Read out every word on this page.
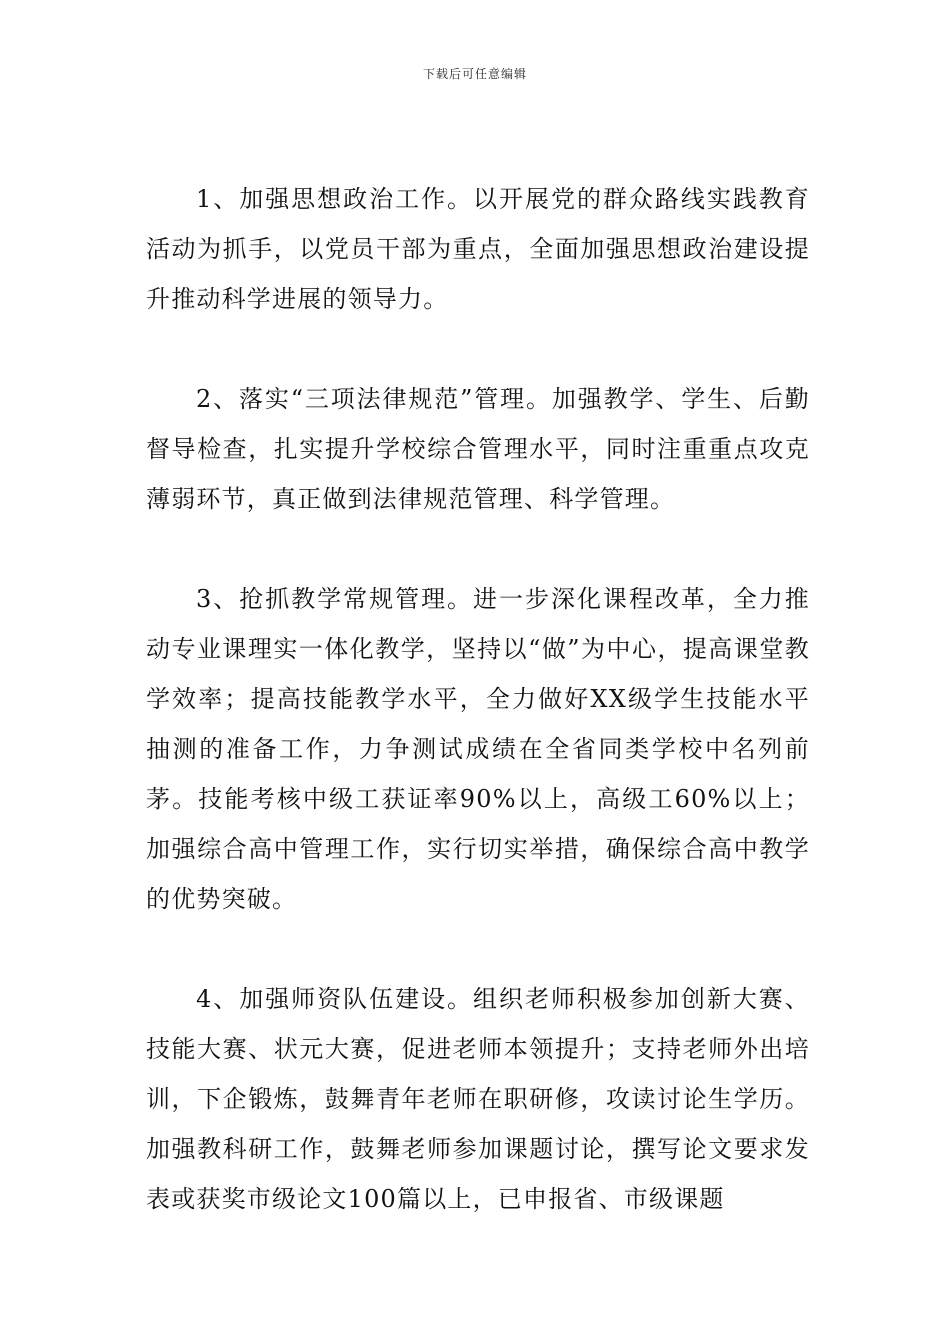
下载后可任意编辑

1、加强思想政治工作。以开展党的群众路线实践教育活动为抓手，以党员干部为重点，全面加强思想政治建设提升推动科学进展的领导力。

2、落实“三项法律规范”管理。加强教学、学生、后勤督导检查，扎实提升学校综合管理水平，同时注重重点攻克薄弱环节，真正做到法律规范管理、科学管理。

3、抢抓教学常规管理。进一步深化课程改革，全力推动专业课理实一体化教学，坚持以“做”为中心，提高课堂教学效率；提高技能教学水平，全力做好XX级学生技能水平抽测的准备工作，力争测试成绩在全省同类学校中名列前茅。技能考核中级工获证率90%以上，高级工60%以上；加强综合高中管理工作，实行切实举措，确保综合高中教学的优势突破。

4、加强师资队伍建设。组织老师积极参加创新大赛、技能大赛、状元大赛，促进老师本领提升；支持老师外出培训，下企锻炼，鼓舞青年老师在职研修，攻读讨论生学历。加强教科研工作，鼓舞老师参加课题讨论，撰写论文要求发表或获奖市级论文100篇以上，已申报省、市级课题
